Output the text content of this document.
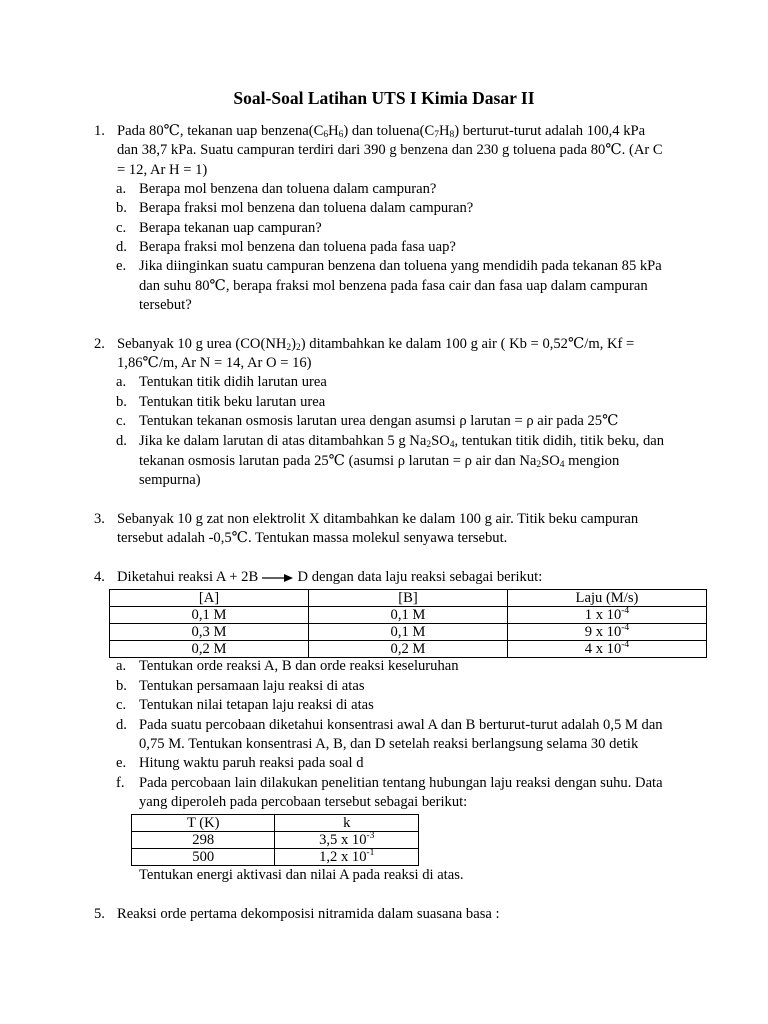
Soal-Soal Latihan UTS I Kimia Dasar II
1. Pada 80℃, tekanan uap $benzena(C_6H_6)$ dan $toluena(C_7H_8)$ berturut-turut adalah 100,4 kPa
dan 38,7 kPa. Suatu campuran terdiri dari 390 g benzena dan 230 g toluena pada 80℃. (Ar C
= 12, Ar H = 1)
a. Berapa mol benzena dan toluena dalam campuran?
b. Berapa fraksi mol benzena dan toluena dalam campuran?
c. Berapa tekanan uap campuran?
d. Berapa fraksi mol benzena dan toluena pada fasa uap?
e. Jika diinginkan suatu campuran benzena dan toluena yang mendidih pada tekanan 85 kPa
dan suhu 80℃, berapa fraksi mol benzena pada fasa cair dan fasa uap dalam campuran
tersebut?
2. Sebanyak 10 g urea $(CO(NH_2)_2)$ ditambahkan ke dalam 100 g air ( Kb = 0,52℃/m, Kf =
1,86℃/m, Ar N = 14, Ar O = 16)
a. Tentukan titik didih larutan urea
b. Tentukan titik beku larutan urea
c. Tentukan tekanan osmosis larutan urea dengan asumsi ρ larutan = ρ air pada 25℃
d. Jika ke dalam larutan di atas ditambahkan 5 g $Na_2SO_4$, tentukan titik didih, titik beku, dan
tekanan osmosis larutan pada 25℃ (asumsi ρ larutan = ρ air dan $Na_2SO_4$ mengion
sempurna)
3. Sebanyak 10 g zat non elektrolit X ditambahkan ke dalam 100 g air. Titik beku campuran
tersebut adalah -0,5℃. Tentukan massa molekul senyawa tersebut.
4. Diketahui reaksi A + 2B → D dengan data laju reaksi sebagai berikut:
[A]	[B]	Laju (M/s)
0,1 M	0,1 M	1 x $10^{-4}$
0,3 M	0,1 M	9 x $10^{-4}$
0,2 M	0,2 M	4 x $10^{-4}$
a. Tentukan orde reaksi A, B dan orde reaksi keseluruhan
b. Tentukan persamaan laju reaksi di atas
c. Tentukan nilai tetapan laju reaksi di atas
d. Pada suatu percobaan diketahui konsentrasi awal A dan B berturut-turut adalah 0,5 M dan
0,75 M. Tentukan konsentrasi A, B, dan D setelah reaksi berlangsung selama 30 detik
e. Hitung waktu paruh reaksi pada soal d
f. Pada percobaan lain dilakukan penelitian tentang hubungan laju reaksi dengan suhu. Data
yang diperoleh pada percobaan tersebut sebagai berikut:
T (K)	k
298	3,5 x $10^{-3}$
500	1,2 x $10^{-1}$
Tentukan energi aktivasi dan nilai A pada reaksi di atas.
5. Reaksi orde pertama dekomposisi nitramida dalam suasana basa :
